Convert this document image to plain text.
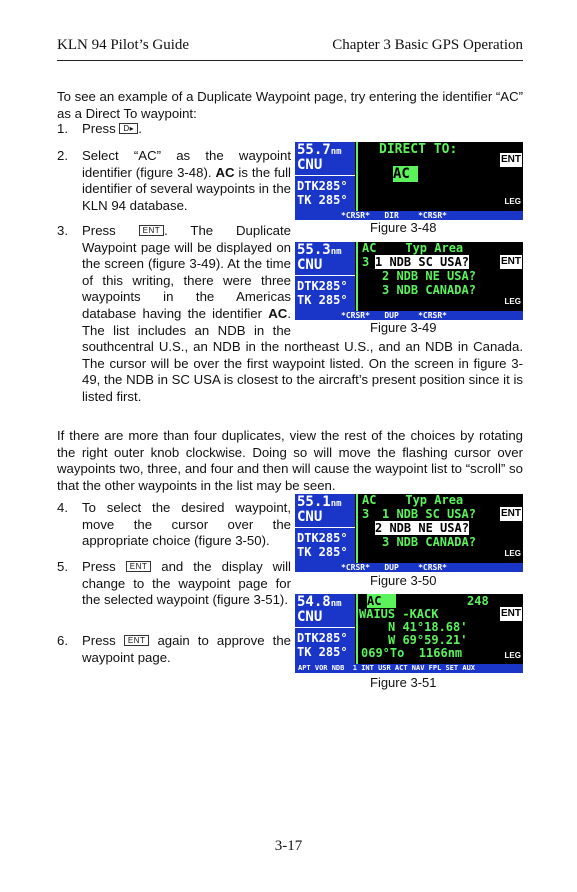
KLN 94 Pilot’s Guide	Chapter 3 Basic GPS Operation
To see an example of a Duplicate Waypoint page, try entering the identifier “AC” as a Direct To waypoint:
1. Press D▸ .
2. Select “AC” as the waypoint identifier (figure 3-48). AC is the full identifier of several waypoints in the KLN 94 database.
3. Press	ENT . The Duplicate Waypoint page will be displayed on the screen (figure 3-49). At the time of this writing, there were three waypoints in the Americas database having the identifier AC. The list includes an NDB in the southcentral U.S., an NDB in the northeast U.S., and an NDB in Canada. The cursor will be over the first waypoint listed. On the screen in figure 3-49, the NDB in SC USA is closest to the aircraft’s present position since it is listed first.
If there are more than four duplicates, view the rest of the choices by rotating the right outer knob clockwise. Doing so will move the flashing cursor over waypoints two, three, and four and then will cause the waypoint list to “scroll” so that the other waypoints in the list may be seen.
4. To select the desired waypoint, move the cursor over the appropriate choice (figure 3-50).
5. Press ENT and the display will change to the waypoint page for the selected waypoint (figure 3-51).
6. Press ENT again to approve the waypoint page.
55.7nm
CNU
DTK285°
TK 285°
DIRECT TO:
AC
ENT
LEG
*CRSR*   DIR    *CRSR*
Figure 3-48
55.3nm
CNU
DTK285°
TK 285°
AC    Typ Area
3 1 NDB SC USA?
2 NDB NE USA?
3 NDB CANADA?
ENT
LEG
*CRSR*   DUP    *CRSR*
Figure 3-49
55.1nm
CNU
DTK285°
TK 285°
AC    Typ Area
3 1 NDB SC USA?
2 NDB NE USA?
3 NDB CANADA?
ENT
LEG
*CRSR*   DUP    *CRSR*
Figure 3-50
54.8nm
CNU
DTK285°
TK 285°
AC	248
WAIUS -KACK
N 41°18.68'
W 69°59.21'
069°To  1166nm
ENT
LEG
APT VOR NDB  1 INT USR ACT NAV FPL SET AUX
Figure 3-51
3-17
